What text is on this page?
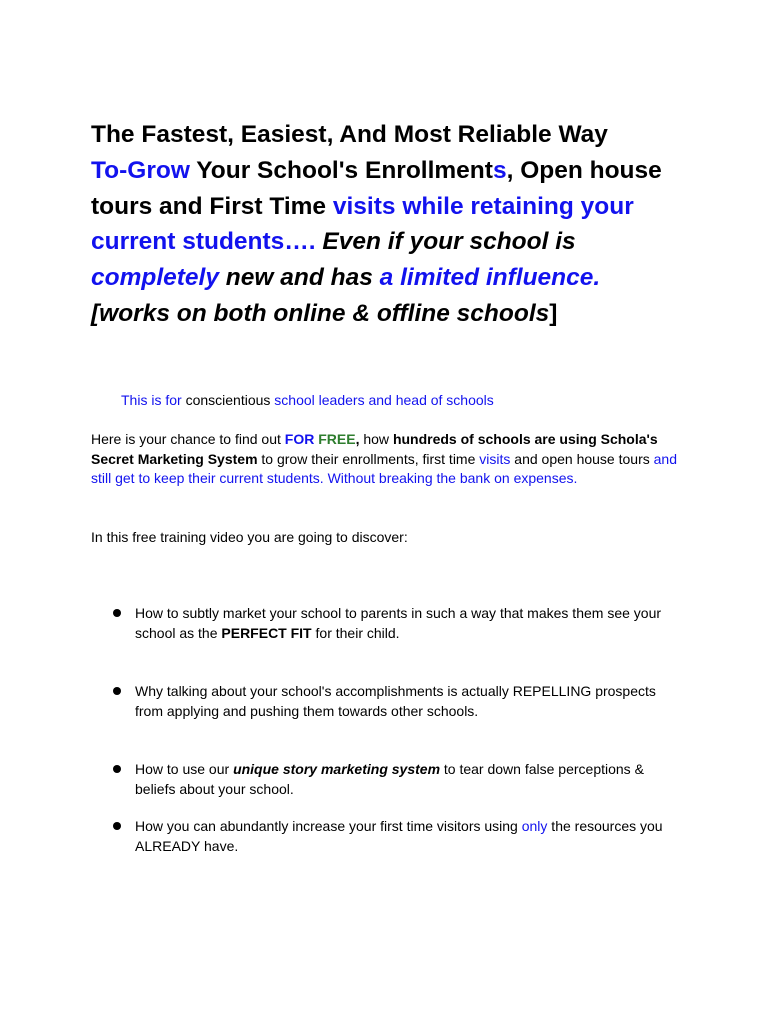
The Fastest, Easiest, And Most Reliable Way
To-Grow Your School's Enrollments, Open house tours and First Time visits while retaining your current students…. Even if your school is completely new and has a limited influence.
[works on both online & offline schools]

This is for conscientious school leaders and head of schools

Here is your chance to find out FOR FREE, how hundreds of schools are using Schola's Secret Marketing System to grow their enrollments, first time visits and open house tours and still get to keep their current students. Without breaking the bank on expenses.

In this free training video you are going to discover:

How to subtly market your school to parents in such a way that makes them see your school as the PERFECT FIT for their child.

Why talking about your school's accomplishments is actually REPELLING prospects from applying and pushing them towards other schools.

How to use our unique story marketing system to tear down false perceptions & beliefs about your school.

How you can abundantly increase your first time visitors using only the resources you ALREADY have.
